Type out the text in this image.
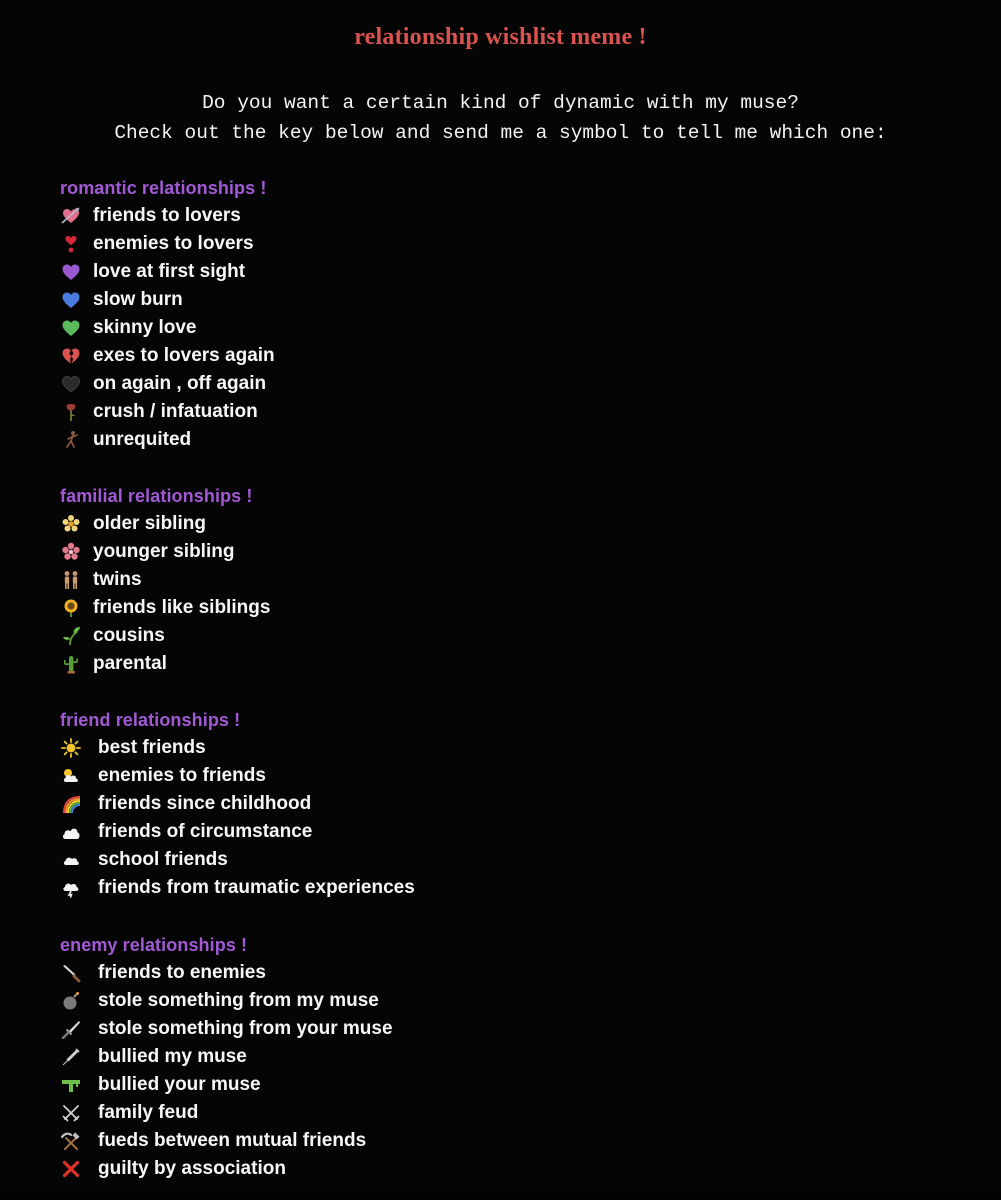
relationship wishlist meme !
Do you want a certain kind of dynamic with my muse?
Check out the key below and send me a symbol to tell me which one:
romantic relationships !
friends to lovers
enemies to lovers
love at first sight
slow burn
skinny love
exes to lovers again
on again , off again
crush / infatuation
unrequited
familial relationships !
older sibling
younger sibling
twins
friends like siblings
cousins
parental
friend relationships !
best friends
enemies to friends
friends since childhood
friends of circumstance
school friends
friends from traumatic experiences
enemy relationships !
friends to enemies
stole something from my muse
stole something from your muse
bullied my muse
bullied your muse
family feud
fueds between mutual friends
guilty by association
